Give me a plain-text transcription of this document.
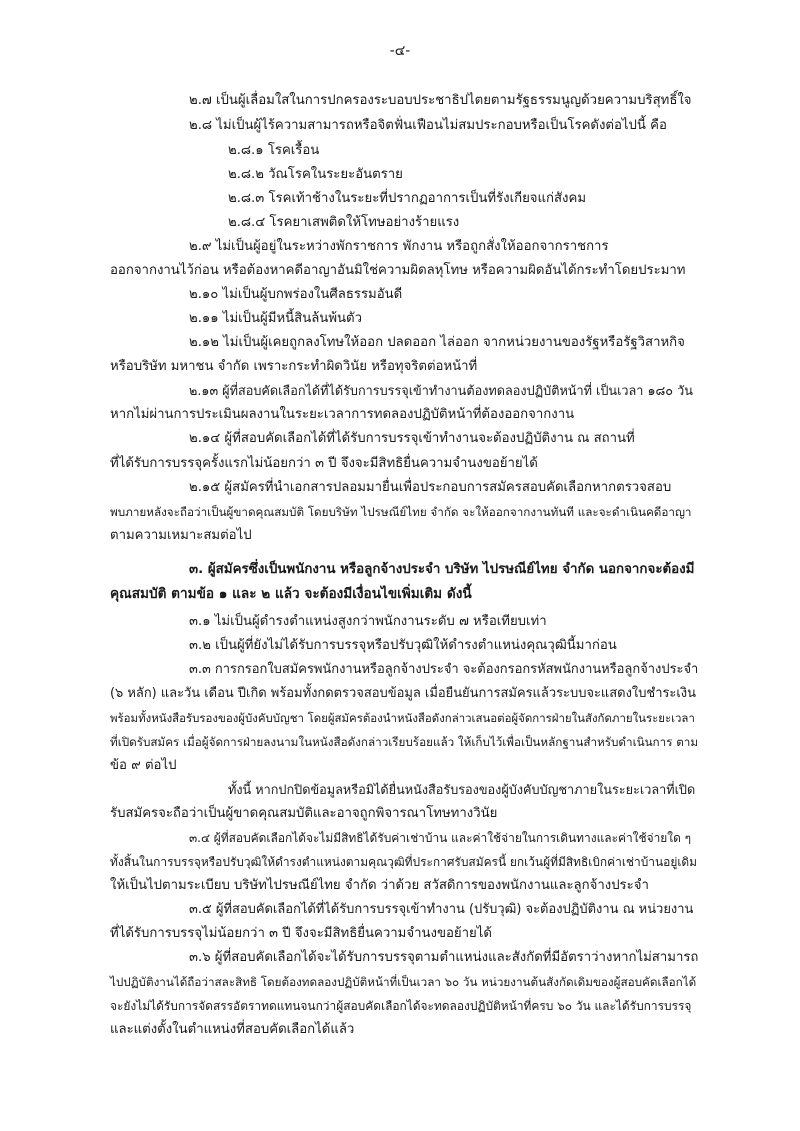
-๔-
๒.๗ เป็นผู้เลื่อมใสในการปกครองระบอบประชาธิปไตยตามรัฐธรรมนูญด้วยความบริสุทธิ์ใจ
๒.๘ ไม่เป็นผู้ไร้ความสามารถหรือจิตฟั่นเฟือนไม่สมประกอบหรือเป็นโรคดังต่อไปนี้ คือ
๒.๘.๑ โรคเรื้อน
๒.๘.๒ วัณโรคในระยะอันตราย
๒.๘.๓ โรคเท้าช้างในระยะที่ปรากฏอาการเป็นที่รังเกียจแก่สังคม
๒.๘.๔ โรคยาเสพติดให้โทษอย่างร้ายแรง
๒.๙ ไม่เป็นผู้อยู่ในระหว่างพักราชการ พักงาน หรือถูกสั่งให้ออกจากราชการ
ออกจากงานไว้ก่อน หรือต้องหาคดีอาญาอันมิใช่ความผิดลหุโทษ หรือความผิดอันได้กระทำโดยประมาท
๒.๑๐ ไม่เป็นผู้บกพร่องในศีลธรรมอันดี
๒.๑๑ ไม่เป็นผู้มีหนี้สินล้นพ้นตัว
๒.๑๒ ไม่เป็นผู้เคยถูกลงโทษให้ออก ปลดออก ไล่ออก จากหน่วยงานของรัฐหรือรัฐวิสาหกิจ
หรือบริษัท มหาชน จำกัด เพราะกระทำผิดวินัย หรือทุจริตต่อหน้าที่
๒.๑๓ ผู้ที่สอบคัดเลือกได้ที่ได้รับการบรรจุเข้าทำงานต้องทดลองปฏิบัติหน้าที่ เป็นเวลา ๑๘๐ วัน
หากไม่ผ่านการประเมินผลงานในระยะเวลาการทดลองปฏิบัติหน้าที่ต้องออกจากงาน
๒.๑๔ ผู้ที่สอบคัดเลือกได้ที่ได้รับการบรรจุเข้าทำงานจะต้องปฏิบัติงาน ณ สถานที่
ที่ได้รับการบรรจุครั้งแรกไม่น้อยกว่า ๓ ปี จึงจะมีสิทธิยื่นความจำนงขอย้ายได้
๒.๑๕ ผู้สมัครที่นำเอกสารปลอมมายื่นเพื่อประกอบการสมัครสอบคัดเลือกหากตรวจสอบ
พบภายหลังจะถือว่าเป็นผู้ขาดคุณสมบัติ โดยบริษัท ไปรษณีย์ไทย จำกัด จะให้ออกจากงานทันที และจะดำเนินคดีอาญา
ตามความเหมาะสมต่อไป
๓. ผู้สมัครซึ่งเป็นพนักงาน หรือลูกจ้างประจำ บริษัท ไปรษณีย์ไทย จำกัด นอกจากจะต้องมี
คุณสมบัติ ตามข้อ ๑ และ ๒ แล้ว จะต้องมีเงื่อนไขเพิ่มเติม ดังนี้
๓.๑ ไม่เป็นผู้ดำรงตำแหน่งสูงกว่าพนักงานระดับ ๗ หรือเทียบเท่า
๓.๒ เป็นผู้ที่ยังไม่ได้รับการบรรจุหรือปรับวุฒิให้ดำรงตำแหน่งคุณวุฒินี้มาก่อน
๓.๓ การกรอกใบสมัครพนักงานหรือลูกจ้างประจำ จะต้องกรอกรหัสพนักงานหรือลูกจ้างประจำ
(๖ หลัก) และวัน เดือน ปีเกิด พร้อมทั้งกดตรวจสอบข้อมูล เมื่อยืนยันการสมัครแล้วระบบจะแสดงใบชำระเงิน
พร้อมทั้งหนังสือรับรองของผู้บังคับบัญชา โดยผู้สมัครต้องนำหนังสือดังกล่าวเสนอต่อผู้จัดการฝ่ายในสังกัดภายในระยะเวลา
ที่เปิดรับสมัคร เมื่อผู้จัดการฝ่ายลงนามในหนังสือดังกล่าวเรียบร้อยแล้ว ให้เก็บไว้เพื่อเป็นหลักฐานสำหรับดำเนินการ ตาม
ข้อ ๙ ต่อไป
ทั้งนี้ หากปกปิดข้อมูลหรือมิได้ยื่นหนังสือรับรองของผู้บังคับบัญชาภายในระยะเวลาที่เปิด
รับสมัครจะถือว่าเป็นผู้ขาดคุณสมบัติและอาจถูกพิจารณาโทษทางวินัย
๓.๔ ผู้ที่สอบคัดเลือกได้จะไม่มีสิทธิได้รับค่าเช่าบ้าน และค่าใช้จ่ายในการเดินทางและค่าใช้จ่ายใด ๆ
ทั้งสิ้นในการบรรจุหรือปรับวุฒิให้ดำรงตำแหน่งตามคุณวุฒิที่ประกาศรับสมัครนี้ ยกเว้นผู้ที่มีสิทธิเบิกค่าเช่าบ้านอยู่เดิม
ให้เป็นไปตามระเบียบ บริษัทไปรษณีย์ไทย จำกัด ว่าด้วย สวัสดิการของพนักงานและลูกจ้างประจำ
๓.๕ ผู้ที่สอบคัดเลือกได้ที่ได้รับการบรรจุเข้าทำงาน (ปรับวุฒิ) จะต้องปฏิบัติงาน ณ หน่วยงาน
ที่ได้รับการบรรจุไม่น้อยกว่า ๓ ปี จึงจะมีสิทธิยื่นความจำนงขอย้ายได้
๓.๖ ผู้ที่สอบคัดเลือกได้จะได้รับการบรรจุตามตำแหน่งและสังกัดที่มีอัตราว่างหากไม่สามารถ
ไปปฏิบัติงานได้ถือว่าสละสิทธิ โดยต้องทดลองปฏิบัติหน้าที่เป็นเวลา ๖๐ วัน หน่วยงานต้นสังกัดเดิมของผู้สอบคัดเลือกได้
จะยังไม่ได้รับการจัดสรรอัตราทดแทนจนกว่าผู้สอบคัดเลือกได้จะทดลองปฏิบัติหน้าที่ครบ ๖๐ วัน และได้รับการบรรจุ
และแต่งตั้งในตำแหน่งที่สอบคัดเลือกได้แล้ว
